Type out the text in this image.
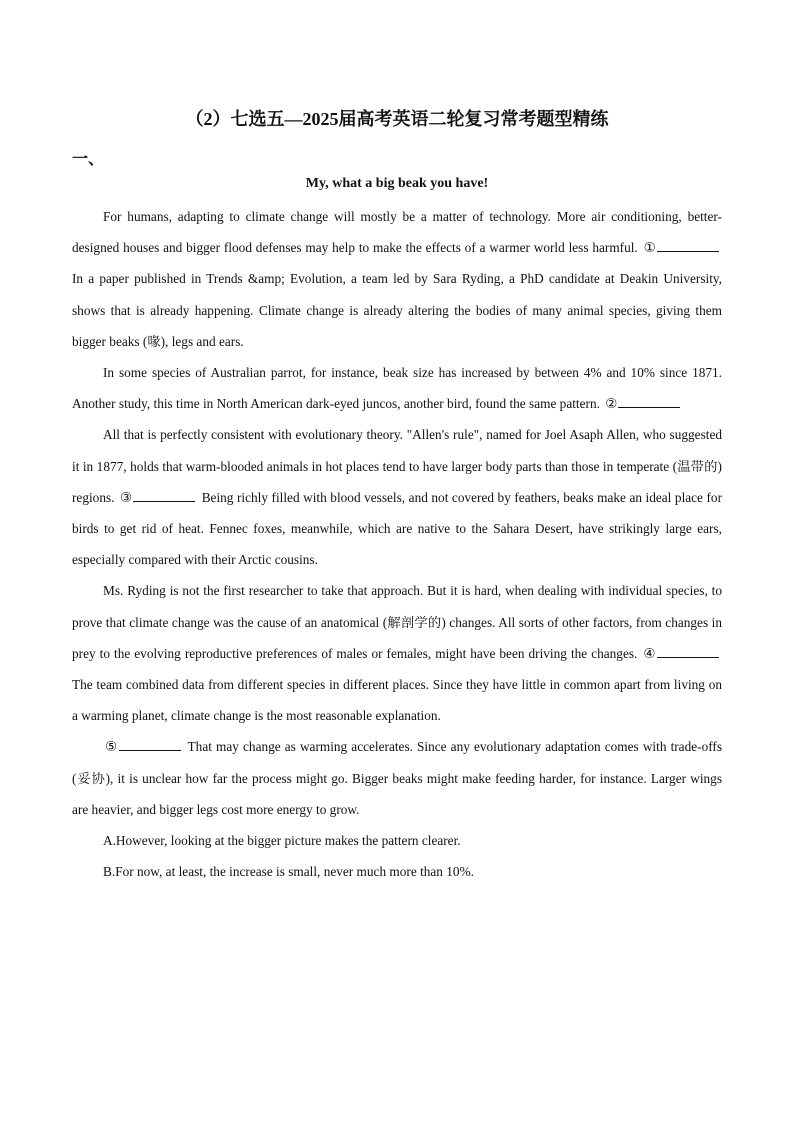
（2）七选五—2025届高考英语二轮复习常考题型精练
一、
My, what a big beak you have!

For humans, adapting to climate change will mostly be a matter of technology. More air conditioning, better-designed houses and bigger flood defenses may help to make the effects of a warmer world less harmful. ① In a paper published in Trends &amp; Evolution, a team led by Sara Ryding, a PhD candidate at Deakin University, shows that is already happening. Climate change is already altering the bodies of many animal species, giving them bigger beaks (喙), legs and ears.

In some species of Australian parrot, for instance, beak size has increased by between 4% and 10% since 1871. Another study, this time in North American dark-eyed juncos, another bird, found the same pattern. ②

All that is perfectly consistent with evolutionary theory. "Allen's rule", named for Joel Asaph Allen, who suggested it in 1877, holds that warm-blooded animals in hot places tend to have larger body parts than those in temperate (温带的) regions. ③	Being richly filled with blood vessels, and not covered by feathers, beaks make an ideal place for birds to get rid of heat. Fennec foxes, meanwhile, which are native to the Sahara Desert, have strikingly large ears, especially compared with their Arctic cousins.

Ms. Ryding is not the first researcher to take that approach. But it is hard, when dealing with individual species, to prove that climate change was the cause of an anatomical (解剖学的) changes. All sorts of other factors, from changes in prey to the evolving reproductive preferences of males or females, might have been driving the changes. ④ The team combined data from different species in different places. Since they have little in common apart from living on a warming planet, climate change is the most reasonable explanation.

⑤	That may change as warming accelerates. Since any evolutionary adaptation comes with trade-offs (妥协), it is unclear how far the process might go. Bigger beaks might make feeding harder, for instance. Larger wings are heavier, and bigger legs cost more energy to grow.

A.However, looking at the bigger picture makes the pattern clearer.

B.For now, at least, the increase is small, never much more than 10%.
